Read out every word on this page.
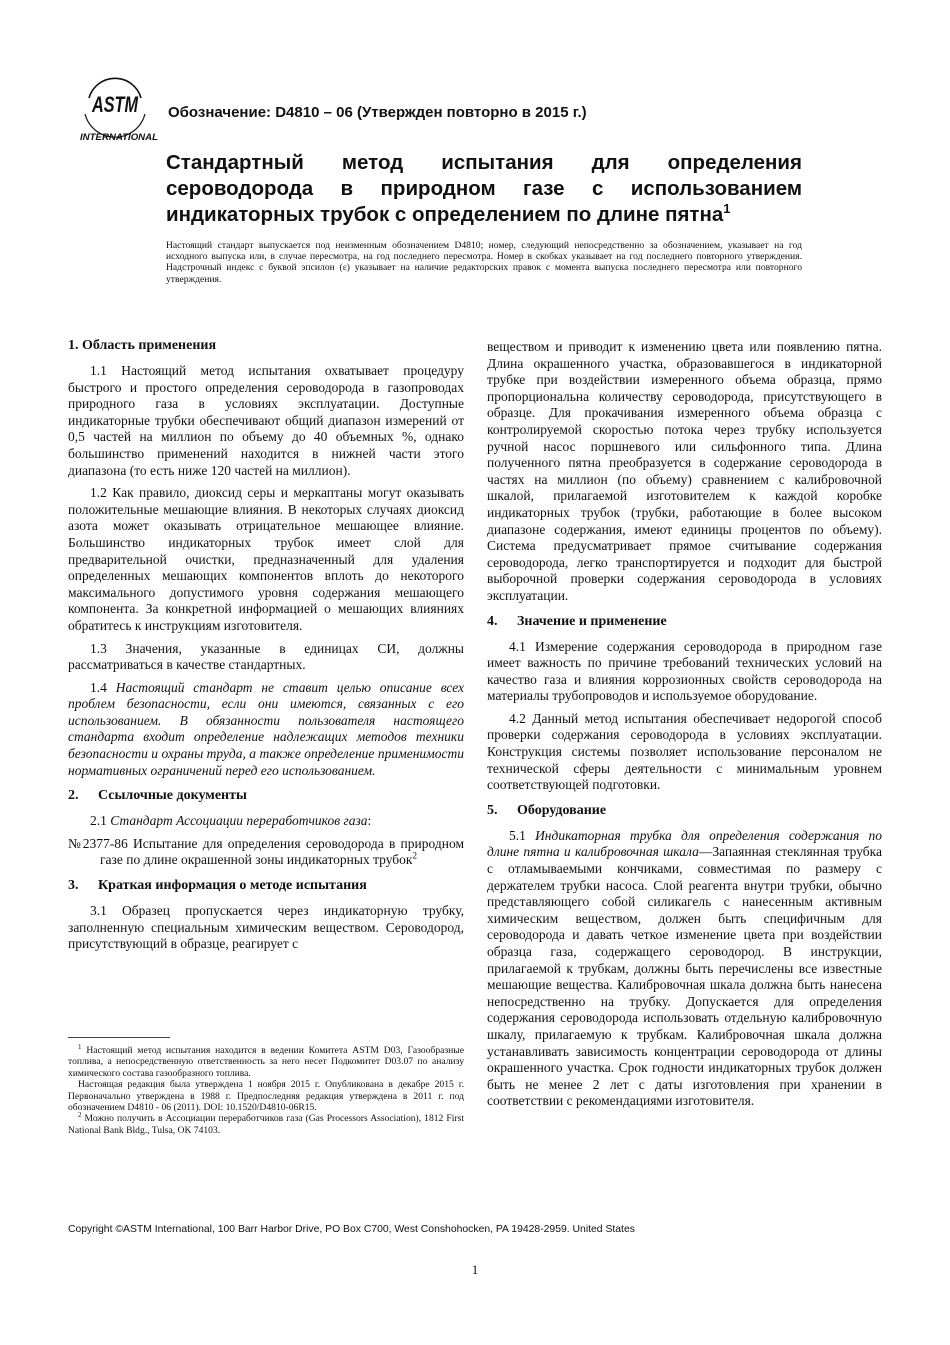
ASTM
INTERNATIONAL
Обозначение: D4810 – 06 (Утвержден повторно в 2015 г.)
Стандартный метод испытания для определения сероводорода в природном газе с использованием индикаторных трубок с определением по длине пятна$^1$

Настоящий стандарт выпускается под неизменным обозначением D4810; номер, следующий непосредственно за обозначением, указывает на год исходного выпуска или, в случае пересмотра, на год последнего пересмотра. Номер в скобках указывает на год последнего повторного утверждения. Надстрочный индекс с буквой эпсилон (ε) указывает на наличие редакторских правок с момента выпуска последнего пересмотра или повторного утверждения.

1. Область применения

1.1 Настоящий метод испытания охватывает процедуру быстрого и простого определения сероводорода в газопроводах природного газа в условиях эксплуатации. Доступные индикаторные трубки обеспечивают общий диапазон измерений от 0,5 частей на миллион по объему до 40 объемных %, однако большинство применений находится в нижней части этого диапазона (то есть ниже 120 частей на миллион).

1.2 Как правило, диоксид серы и меркаптаны могут оказывать положительные мешающие влияния. В некоторых случаях диоксид азота может оказывать отрицательное мешающее влияние. Большинство индикаторных трубок имеет слой для предварительной очистки, предназначенный для удаления определенных мешающих компонентов вплоть до некоторого максимального допустимого уровня содержания мешающего компонента. За конкретной информацией о мешающих влияниях обратитесь к инструкциям изготовителя.

1.3 Значения, указанные в единицах СИ, должны рассматриваться в качестве стандартных.

1.4 Настоящий стандарт не ставит целью описание всех проблем безопасности, если они имеются, связанных с его использованием. В обязанности пользователя настоящего стандарта входит определение надлежащих методов техники безопасности и охраны труда, а также определение применимости нормативных ограничений перед его использованием.

2. Ссылочные документы

2.1 Стандарт Ассоциации переработчиков газа:

№2377-86 Испытание для определения сероводорода в природном газе по длине окрашенной зоны индикаторных трубок$^2$

3. Краткая информация о методе испытания

3.1 Образец пропускается через индикаторную трубку, заполненную специальным химическим веществом. Сероводород, присутствующий в образце, реагирует с

веществом и приводит к изменению цвета или появлению пятна. Длина окрашенного участка, образовавшегося в индикаторной трубке при воздействии измеренного объема образца, прямо пропорциональна количеству сероводорода, присутствующего в образце. Для прокачивания измеренного объема образца с контролируемой скоростью потока через трубку используется ручной насос поршневого или сильфонного типа. Длина полученного пятна преобразуется в содержание сероводорода в частях на миллион (по объему) сравнением с калибровочной шкалой, прилагаемой изготовителем к каждой коробке индикаторных трубок (трубки, работающие в более высоком диапазоне содержания, имеют единицы процентов по объему). Система предусматривает прямое считывание содержания сероводорода, легко транспортируется и подходит для быстрой выборочной проверки содержания сероводорода в условиях эксплуатации.

4. Значение и применение

4.1 Измерение содержания сероводорода в природном газе имеет важность по причине требований технических условий на качество газа и влияния коррозионных свойств сероводорода на материалы трубопроводов и используемое оборудование.

4.2 Данный метод испытания обеспечивает недорогой способ проверки содержания сероводорода в условиях эксплуатации. Конструкция системы позволяет использование персоналом не технической сферы деятельности с минимальным уровнем соответствующей подготовки.

5. Оборудование

5.1 Индикаторная трубка для определения содержания по длине пятна и калибровочная шкала—Запаянная стеклянная трубка с отламываемыми кончиками, совместимая по размеру с держателем трубки насоса. Слой реагента внутри трубки, обычно представляющего собой силикагель с нанесенным активным химическим веществом, должен быть специфичным для сероводорода и давать четкое изменение цвета при воздействии образца газа, содержащего сероводород. В инструкции, прилагаемой к трубкам, должны быть перечислены все известные мешающие вещества. Калибровочная шкала должна быть нанесена непосредственно на трубку. Допускается для определения содержания сероводорода использовать отдельную калибровочную шкалу, прилагаемую к трубкам. Калибровочная шкала должна устанавливать зависимость концентрации сероводорода от длины окрашенного участка. Срок годности индикаторных трубок должен быть не менее 2 лет с даты изготовления при хранении в соответствии с рекомендациями изготовителя.

$^1$ Настоящий метод испытания находится в ведении Комитета ASTM D03, Газообразные топлива, а непосредственную ответственность за него несет Подкомитет D03.07 по анализу химического состава газообразного топлива.

Настоящая редакция была утверждена 1 ноября 2015 г. Опубликована в декабре 2015 г. Первоначально утверждена в 1988 г. Предпоследняя редакция утверждена в 2011 г. под обозначением D4810 - 06 (2011). DOI: 10.1520/D4810-06R15.

$^2$ Можно получить в Ассоциации переработчиков газа (Gas Processors Association), 1812 First National Bank Bldg., Tulsa, OK 74103.

Copyright ©ASTM International, 100 Barr Harbor Drive, PO Box C700, West Conshohocken, PA 19428-2959. United States
1
